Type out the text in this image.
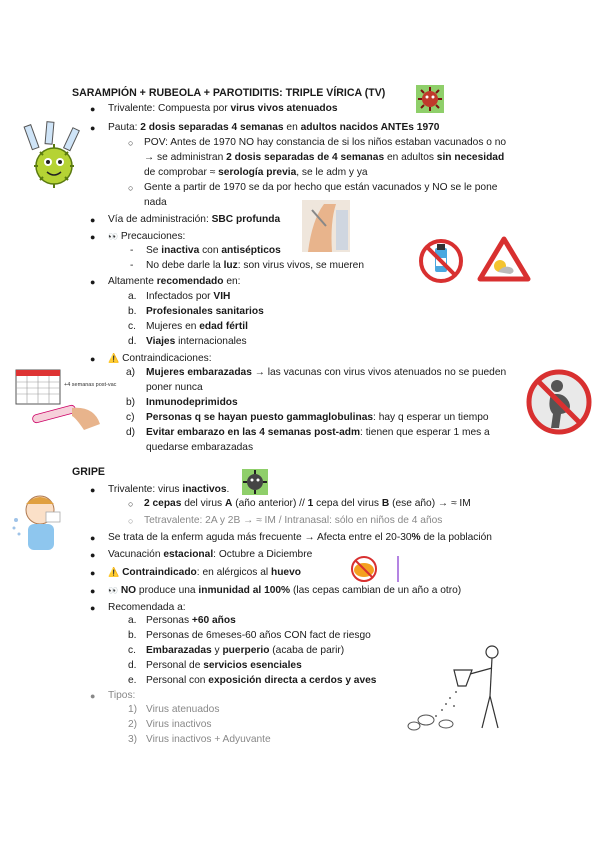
SARAMPIÓN + RUBEOLA + PAROTIDITIS: TRIPLE VÍRICA (TV)
● Trivalente: Compuesta por virus vivos atenuados
● Pauta: 2 dosis separadas 4 semanas en adultos nacidos ANTEs 1970
○ POV: Antes de 1970 NO hay constancia de si los niños estaban vacunados o no
→ se administran 2 dosis separadas de 4 semanas en adultos sin necesidad
de comprobar ≈ serología previa, se le adm y ya
○ Gente a partir de 1970 se da por hecho que están vacunados y NO se le pone
nada
● Vía de administración: SBC profunda
● 👀 Precauciones:
- Se inactiva con antisépticos
- No debe darle la luz: son virus vivos, se mueren
● Altamente recomendado en:
a. Infectados por VIH
b. Profesionales sanitarios
c. Mujeres en edad fértil
d. Viajes internacionales
● ⚠️ Contraindicaciones:
+4 semanas post-vac
a) Mujeres embarazadas → las vacunas con virus vivos atenuados no se pueden
poner nunca
b) Inmunodeprimidos
c) Personas q se hayan puesto gammaglobulinas: hay q esperar un tiempo
d) Evitar embarazo en las 4 semanas post-adm: tienen que esperar 1 mes a
quedarse embarazadas
GRIPE
● Trivalente: virus inactivos.
○ 2 cepas del virus A (año anterior) // 1 cepa del virus B (ese año) → ≈ IM
○ Tetravalente: 2A y 2B → ≈ IM / Intranasal: sólo en niños de 4 años
● Se trata de la enferm aguda más frecuente → Afecta entre el 20-30% de la población
● Vacunación estacional: Octubre a Diciembre
● ⚠️ Contraindicado: en alérgicos al huevo
● 👀 NO produce una inmunidad al 100% (las cepas cambian de un año a otro)
● Recomendada a:
a. Personas +60 años
b. Personas de 6meses-60 años CON fact de riesgo
c. Embarazadas y puerperio (acaba de parir)
d. Personal de servicios esenciales
e. Personal con exposición directa a cerdos y aves
● Tipos:
1) Virus atenuados
2) Virus inactivos
3) Virus inactivos + Adyuvante
